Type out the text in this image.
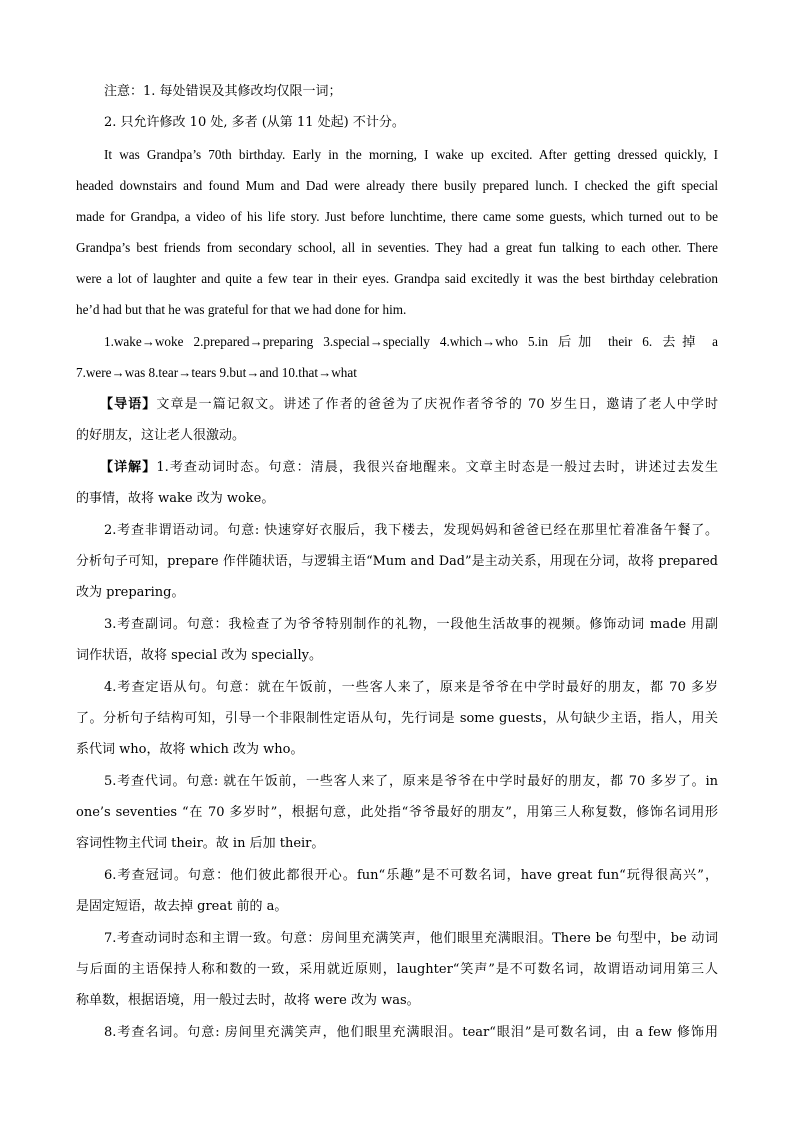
注意：1. 每处错误及其修改均仅限一词；
2. 只允许修改 10 处, 多者 (从第 11 处起) 不计分。
It was Grandpa’s 70th birthday. Early in the morning, I wake up excited. After getting dressed quickly, I
headed downstairs and found Mum and Dad were already there busily prepared lunch. I checked the gift special
made for Grandpa, a video of his life story. Just before lunchtime, there came some guests, which turned out to be
Grandpa’s best friends from secondary school, all in seventies. They had a great fun talking to each other. There
were a lot of laughter and quite a few tear in their eyes. Grandpa said excitedly it was the best birthday celebration
he’d had but that he was grateful for that we had done for him.
1.wake→woke 2.prepared→preparing 3.special→specially 4.which→who 5.in 后加 their 6. 去掉 a
7.were→was 8.tear→tears 9.but→and 10.that→what
【导语】文章是一篇记叙文。讲述了作者的爸爸为了庆祝作者爷爷的 70 岁生日，邀请了老人中学时
的好朋友，这让老人很激动。
【详解】1.考查动词时态。句意：清晨，我很兴奋地醒来。文章主时态是一般过去时，讲述过去发生
的事情，故将 wake 改为 woke。
2.考查非谓语动词。句意: 快速穿好衣服后，我下楼去，发现妈妈和爸爸已经在那里忙着准备午餐了。
分析句子可知，prepare 作伴随状语，与逻辑主语“Mum and Dad”是主动关系，用现在分词，故将 prepared
改为 preparing。
3.考查副词。句意：我检查了为爷爷特别制作的礼物，一段他生活故事的视频。修饰动词 made 用副
词作状语，故将 special 改为 specially。
4.考查定语从句。句意：就在午饭前，一些客人来了，原来是爷爷在中学时最好的朋友，都 70 多岁
了。分析句子结构可知，引导一个非限制性定语从句，先行词是 some guests，从句缺少主语，指人，用关
系代词 who，故将 which 改为 who。
5.考查代词。句意: 就在午饭前，一些客人来了，原来是爷爷在中学时最好的朋友，都 70 多岁了。in
one’s seventies “在 70 多岁时”，根据句意，此处指“爷爷最好的朋友”，用第三人称复数，修饰名词用形
容词性物主代词 their。故 in 后加 their。
6.考查冠词。句意：他们彼此都很开心。fun“乐趣”是不可数名词，have great fun“玩得很高兴”，
是固定短语，故去掉 great 前的 a。
7.考查动词时态和主谓一致。句意：房间里充满笑声，他们眼里充满眼泪。There be 句型中，be 动词
与后面的主语保持人称和数的一致，采用就近原则，laughter“笑声”是不可数名词，故谓语动词用第三人
称单数，根据语境，用一般过去时，故将 were 改为 was。
8.考查名词。句意: 房间里充满笑声，他们眼里充满眼泪。tear“眼泪”是可数名词，由 a few 修饰用
